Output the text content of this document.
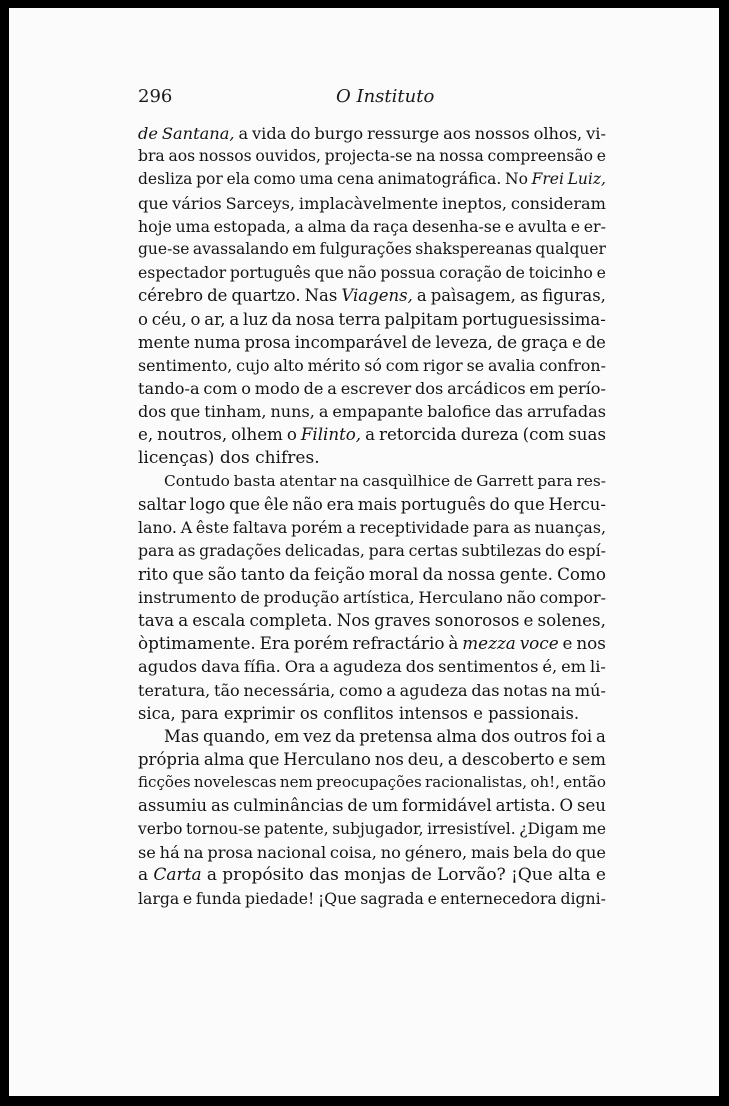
296	O Instituto
de Santana, a vida do burgo ressurge aos nossos olhos, vi-
bra aos nossos ouvidos, projecta-se na nossa compreensão e
desliza por ela como uma cena animatográfica. No Frei Luiz,
que vários Sarceys, implacàvelmente ineptos, consideram
hoje uma estopada, a alma da raça desenha-se e avulta e er-
gue-se avassalando em fulgurações shakspereanas qualquer
espectador português que não possua coração de toicinho e
cérebro de quartzo. Nas Viagens, a paìsagem, as figuras,
o céu, o ar, a luz da nosa terra palpitam portuguesissima-
mente numa prosa incomparável de leveza, de graça e de
sentimento, cujo alto mérito só com rigor se avalia confron-
tando-a com o modo de a escrever dos arcádicos em perío-
dos que tinham, nuns, a empapante balofice das arrufadas
e, noutros, olhem o Filinto, a retorcida dureza (com suas
licenças) dos chifres.
Contudo basta atentar na casquìlhice de Garrett para res-
saltar logo que êle não era mais português do que Hercu-
lano. A êste faltava porém a receptividade para as nuanças,
para as gradações delicadas, para certas subtilezas do espí-
rito que são tanto da feição moral da nossa gente. Como
instrumento de produção artística, Herculano não compor-
tava a escala completa. Nos graves sonorosos e solenes,
òptimamente. Era porém refractário à mezza voce e nos
agudos dava fífia. Ora a agudeza dos sentimentos é, em li-
teratura, tão necessária, como a agudeza das notas na mú-
sica, para exprimir os conflitos intensos e passionais.
Mas quando, em vez da pretensa alma dos outros foi a
própria alma que Herculano nos deu, a descoberto e sem
ficções novelescas nem preocupações racionalistas, oh!, então
assumiu as culminâncias de um formidável artista. O seu
verbo tornou-se patente, subjugador, irresistível. ¿Digam me
se há na prosa nacional coisa, no género, mais bela do que
a Carta a propósito das monjas de Lorvão? ¡Que alta e
larga e funda piedade! ¡Que sagrada e enternecedora digni-
